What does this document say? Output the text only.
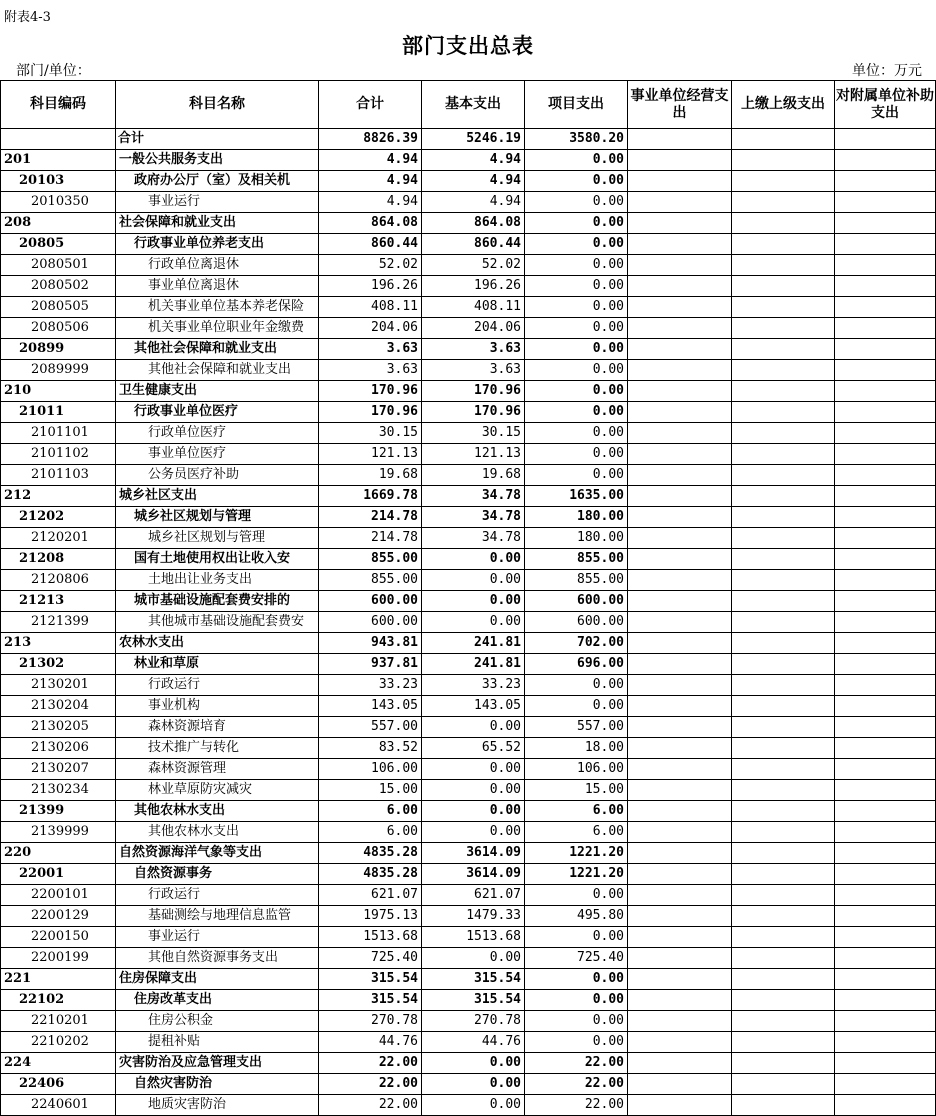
附表4-3
部门支出总表
部门/单位：	单位：万元
科目编码	科目名称	合计	基本支出	项目支出	事业单位经营支出	上缴上级支出	对附属单位补助支出
	合计	8826.39	5246.19	3580.20			
201	一般公共服务支出	4.94	4.94	0.00			
20103	政府办公厅（室）及相关机	4.94	4.94	0.00			
2010350	事业运行	4.94	4.94	0.00			
208	社会保障和就业支出	864.08	864.08	0.00			
20805	行政事业单位养老支出	860.44	860.44	0.00			
2080501	行政单位离退休	52.02	52.02	0.00			
2080502	事业单位离退休	196.26	196.26	0.00			
2080505	机关事业单位基本养老保险	408.11	408.11	0.00			
2080506	机关事业单位职业年金缴费	204.06	204.06	0.00			
20899	其他社会保障和就业支出	3.63	3.63	0.00			
2089999	其他社会保障和就业支出	3.63	3.63	0.00			
210	卫生健康支出	170.96	170.96	0.00			
21011	行政事业单位医疗	170.96	170.96	0.00			
2101101	行政单位医疗	30.15	30.15	0.00			
2101102	事业单位医疗	121.13	121.13	0.00			
2101103	公务员医疗补助	19.68	19.68	0.00			
212	城乡社区支出	1669.78	34.78	1635.00			
21202	城乡社区规划与管理	214.78	34.78	180.00			
2120201	城乡社区规划与管理	214.78	34.78	180.00			
21208	国有土地使用权出让收入安	855.00	0.00	855.00			
2120806	土地出让业务支出	855.00	0.00	855.00			
21213	城市基础设施配套费安排的	600.00	0.00	600.00			
2121399	其他城市基础设施配套费安	600.00	0.00	600.00			
213	农林水支出	943.81	241.81	702.00			
21302	林业和草原	937.81	241.81	696.00			
2130201	行政运行	33.23	33.23	0.00			
2130204	事业机构	143.05	143.05	0.00			
2130205	森林资源培育	557.00	0.00	557.00			
2130206	技术推广与转化	83.52	65.52	18.00			
2130207	森林资源管理	106.00	0.00	106.00			
2130234	林业草原防灾减灾	15.00	0.00	15.00			
21399	其他农林水支出	6.00	0.00	6.00			
2139999	其他农林水支出	6.00	0.00	6.00			
220	自然资源海洋气象等支出	4835.28	3614.09	1221.20			
22001	自然资源事务	4835.28	3614.09	1221.20			
2200101	行政运行	621.07	621.07	0.00			
2200129	基础测绘与地理信息监管	1975.13	1479.33	495.80			
2200150	事业运行	1513.68	1513.68	0.00			
2200199	其他自然资源事务支出	725.40	0.00	725.40			
221	住房保障支出	315.54	315.54	0.00			
22102	住房改革支出	315.54	315.54	0.00			
2210201	住房公积金	270.78	270.78	0.00			
2210202	提租补贴	44.76	44.76	0.00			
224	灾害防治及应急管理支出	22.00	0.00	22.00			
22406	自然灾害防治	22.00	0.00	22.00			
2240601	地质灾害防治	22.00	0.00	22.00			
